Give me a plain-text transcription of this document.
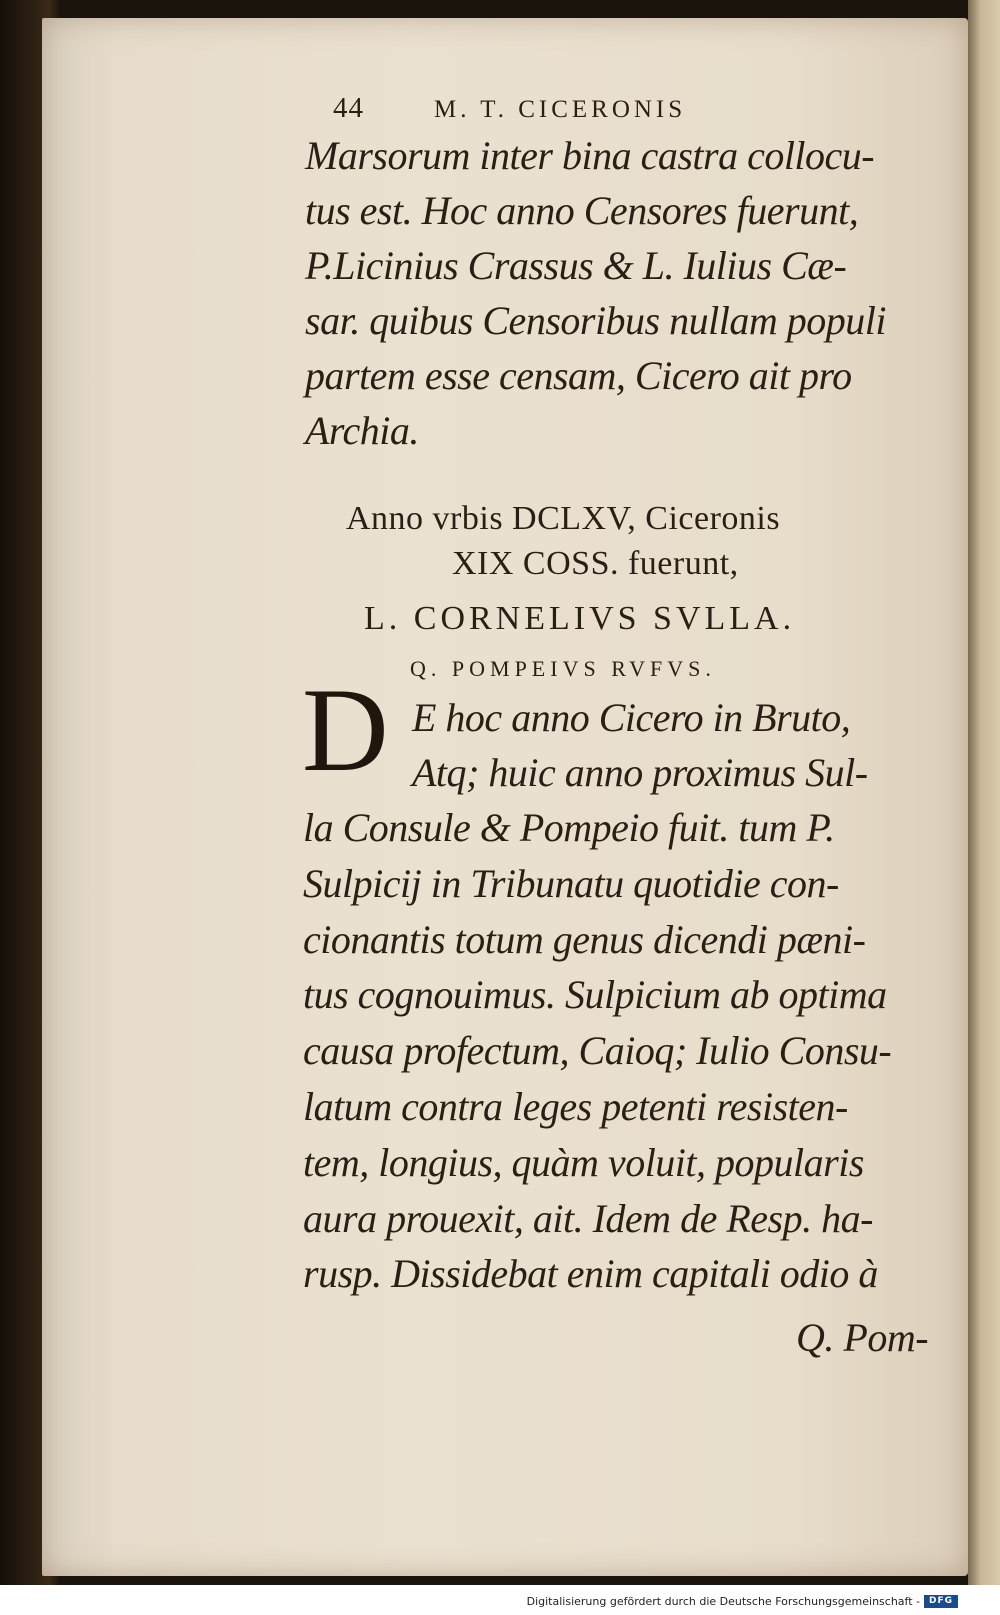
44	M. T. CICERONIS
Marsorum inter bina castra collocu-
tus est. Hoc anno Censores fuerunt,
P.Licinius Crassus & L. Iulius Cæ-
sar. quibus Censoribus nullam populi
partem esse censam, Cicero ait pro
Archia.
Anno vrbis DCLXV, Ciceronis
XIX COSS. fuerunt,
L. CORNELIVS SVLLA.
Q. POMPEIVS RVFVS.
D E hoc anno Cicero in Bruto,
Atq; huic anno proximus Sul-
la Consule & Pompeio fuit. tum P.
Sulpicij in Tribunatu quotidie con-
cionantis totum genus dicendi pæni-
tus cognouimus. Sulpicium ab optima
causa profectum, Caioq; Iulio Consu-
latum contra leges petenti resisten-
tem, longius, quàm voluit, popularis
aura prouexit, ait. Idem de Resp. ha-
rusp. Dissidebat enim capitali odio à
Q. Pom-
Digitalisierung gefördert durch die Deutsche Forschungsgemeinschaft - DFG
